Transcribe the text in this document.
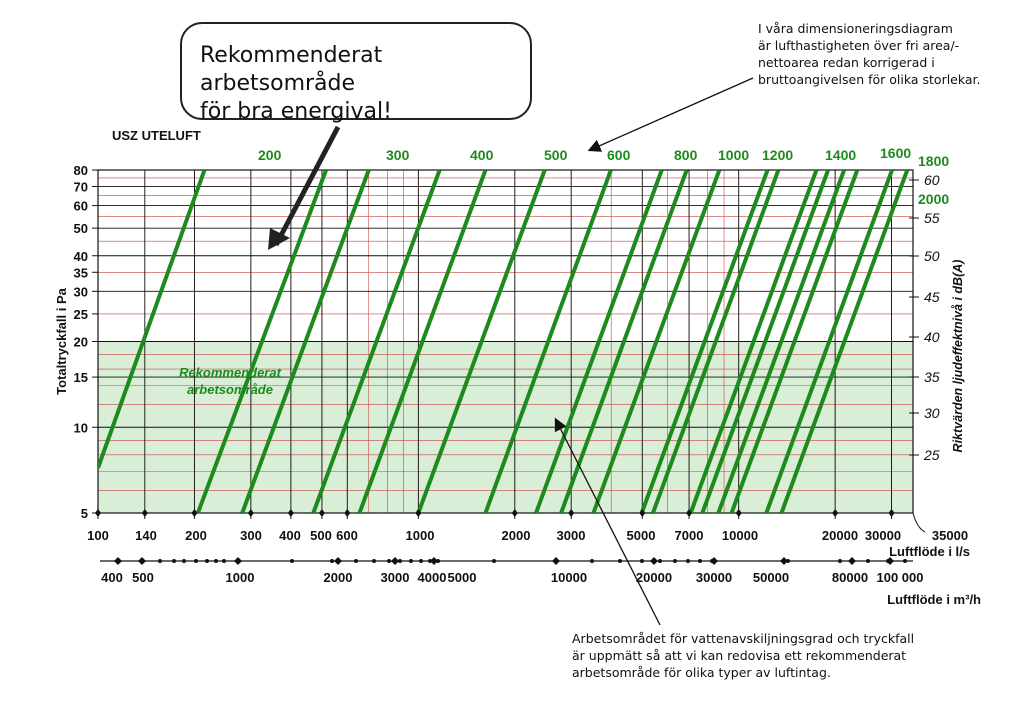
Rekommenderat arbetsområde
för bra energival!
I våra dimensioneringsdiagram
är lufthastigheten över fri area/-
nettoarea redan korrigerad i
bruttoangivelsen för olika storlekar.
Arbetsområdet för vattenavskiljningsgrad och tryckfall
är uppmätt så att vi kan redovisa ett rekommenderat
arbetsområde för olika typer av luftintag.
USZ UTELUFT
200	300	400	500	600	800 1000 1200 1400 1600 1800
2000
Rekommenderat
arbetsområde
5
10
15
20
25
30
35
40
50
60
70
80
Totaltryckfall i Pa
25
30
35
40
45
50
55
60
Riktvärden ljudeffektnivå i dB(A)
100 140 200	300 400 500 600	1000	2000 3000	5000 7000 10000	20000 30000 35000
Luftflöde i l/s
400 500	1000	2000 3000 4000 5000	10000	20000 30000 50000	80000 100 000
Luftflöde i m³/h
